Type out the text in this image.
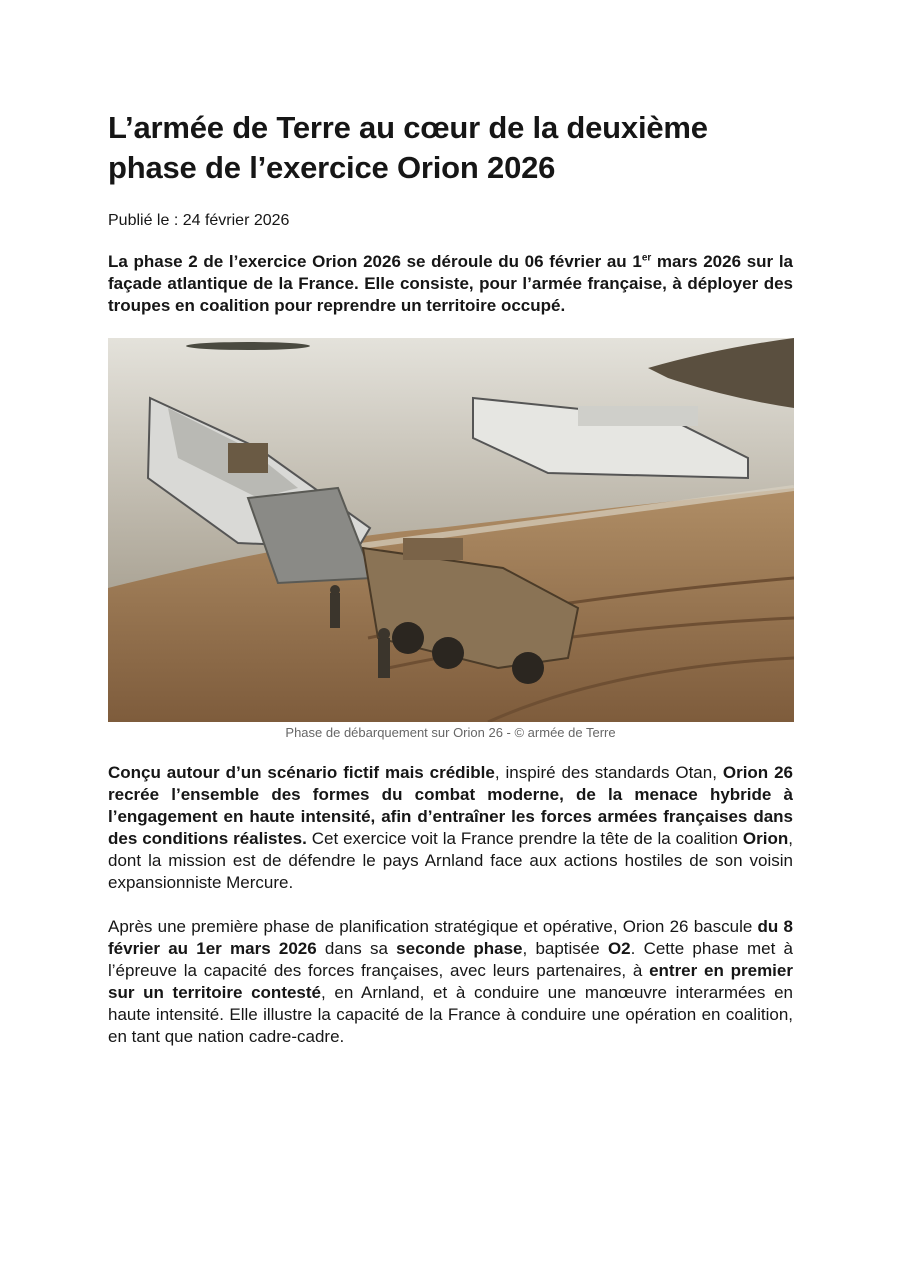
L’armée de Terre au cœur de la deuxième phase de l’exercice Orion 2026
Publié le : 24 février 2026

La phase 2 de l’exercice Orion 2026 se déroule du 06 février au 1er mars 2026 sur la façade atlantique de la France. Elle consiste, pour l’armée française, à déployer des troupes en coalition pour reprendre un territoire occupé.

Phase de débarquement sur Orion 26 - © armée de Terre

Conçu autour d’un scénario fictif mais crédible, inspiré des standards Otan, Orion 26 recrée l’ensemble des formes du combat moderne, de la menace hybride à l’engagement en haute intensité, afin d’entraîner les forces armées françaises dans des conditions réalistes. Cet exercice voit la France prendre la tête de la coalition Orion, dont la mission est de défendre le pays Arnland face aux actions hostiles de son voisin expansionniste Mercure.

Après une première phase de planification stratégique et opérative, Orion 26 bascule du 8 février au 1er mars 2026 dans sa seconde phase, baptisée O2. Cette phase met à l’épreuve la capacité des forces françaises, avec leurs partenaires, à entrer en premier sur un territoire contesté, en Arnland, et à conduire une manœuvre interarmées en haute intensité. Elle illustre la capacité de la France à conduire une opération en coalition, en tant que nation cadre-cadre.
